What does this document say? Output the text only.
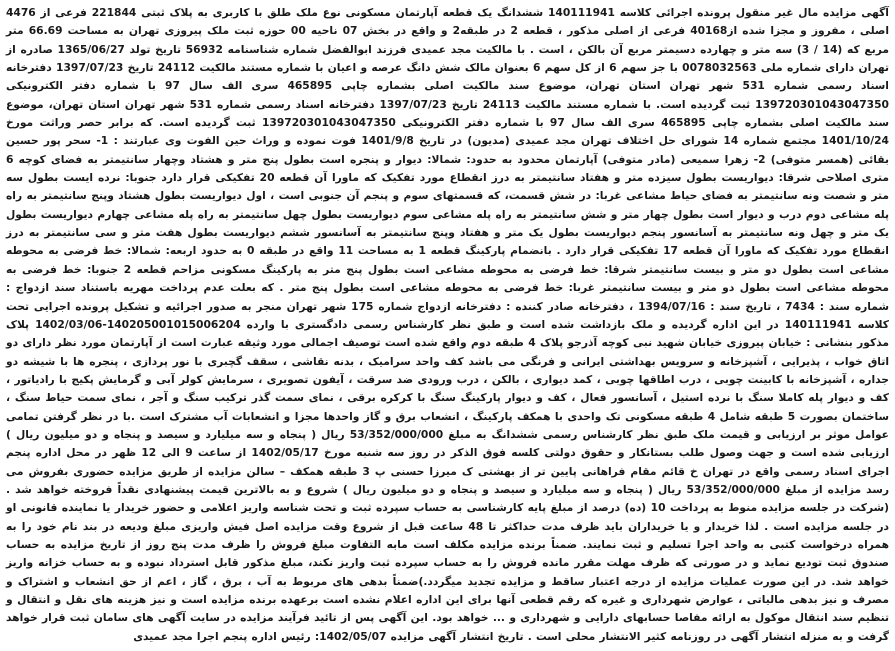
آگهی مزایده مال غیر منقول پرونده اجرائی کلاسه 140111941 ششدانگ یک قطعه آپارتمان مسکونی نوع ملک طلق با کاربری به پلاک ثبتی 221844 فرعی از 4476 اصلی ، مفروز و مجزا شده از40168 فرعی از اصلی مذکور ، قطعه 2 در طبقه2 و واقع در بخش 07 ناحیه 00 حوزه ثبت ملک پیروزی تهران به مساحت 66.69 متر مربع که (14 / 3) سه متر و چهارده دسیمتر مربع آن بالکن ، است . با مالکیت مجد عمیدی فرزند ابوالفضل شماره شناسنامه 56932 تاریخ تولد 1365/06/27 صادره از تهران دارای شماره ملی 0078032563 با جز سهم 6 از کل سهم 6 بعنوان مالک شش دانگ عرصه و اعیان با شماره مستند مالکیت 24112 تاریخ 1397/07/23 دفترخانه اسناد رسمی شماره 531 شهر تهران استان تهران، موضوع سند مالکیت اصلی بشماره چاپی 465895 سری الف سال 97 با شماره دفتر الکترونیکی 139720301043047350 ثبت گردیده است. با شماره مستند مالکیت 24113 تاریخ 1397/07/23 دفترخانه اسناد رسمی شماره 531 شهر تهران استان تهران، موضوع سند مالکیت اصلی بشماره چاپی 465895 سری الف سال 97 با شماره دفتر الکترونیکی 139720301043047350 ثبت گردیده است. که برابر حصر وراثت مورخ 1401/10/24 مجتمع شماره 14 شورای حل اختلاف تهران مجد عمیدی (مدیون) در تاریخ 1401/9/8 فوت نموده و وراث حین الفوت وی عبارتند : 1- سحر پور حسین بقائی (همسر متوفی) 2- زهرا سمیعی (مادر متوفی) آپارتمان محدود به حدود: شمالا: دیوار و پنجره است بطول پنج متر و هشتاد وچهار سانتیمتر به فضای کوچه 6 متری اصلاحی شرقا: دیواریست بطول سیزده متر و هفتاد سانتیمتر به درز انقطاع مورد تفکیک که ماورا آن قطعه 20 تفکیکی قرار دارد جنوبا: نرده ایست بطول سه متر و شصت ونه سانتیمتر به فضای حیاط مشاعی غربا: در شش قسمت، که قسمتهای سوم و پنجم آن جنوبی است ، اول دیواریست بطول هشتاد وپنج سانتیمتر به راه پله مشاعی دوم درب و دیوار است بطول چهار متر و شش سانتیمتر به راه پله مشاعی سوم دیواریست بطول چهل سانتیمتر به راه پله مشاعی چهارم دیواریست بطول یک متر و چهل ونه سانتیمتر به آسانسور پنجم دیواریست بطول یک متر و هفتاد وپنج سانتیمتر به آسانسور ششم دیواریست بطول هفت متر و سی سانتیمتر به درز انقطاع مورد تفکیک که ماورا آن قطعه 17 تفکیکی قرار دارد . بانضمام پارکینگ قطعه 1 به مساحت 11 واقع در طبقه 0 به حدود اربعه: شمالا: خط فرضی به محوطه مشاعی است بطول دو متر و بیست سانتیمتر شرقا: خط فرضی به محوطه مشاعی است بطول پنج متر به پارکینگ مسکونی مزاحم قطعه 2 جنوبا: خط فرضی به محوطه مشاعی است بطول دو متر و بیست سانتیمتر غربا: خط فرضی به محوطه مشاعی است بطول پنج متر . که بعلت عدم پرداخت مهریه باستناد سند ازدواج : شماره سند : 7434 ، تاریخ سند : 1394/07/16 ، دفترخانه صادر کننده : دفترخانه ازدواج شماره 175 شهر تهران منجر به صدور اجرائیه و تشکیل پرونده اجرایی تحت کلاسه 140111941 در این اداره گردیده و ملک بازداشت شده است و طبق نظر کارشناس رسمی دادگستری با وارده 140205001015006204-1402/03/06 پلاک مذکور بنشانی : خیابان پیروزی خیابان شهید نبی کوچه آذرجو پلاک 4 طبقه دوم واقع شده است توصیف اجمالی مورد وثیقه عبارت است از آپارتمان مورد نظر دارای دو اتاق خواب ، پذیرایی ، آشپزخانه و سرویس بهداشتی ایرانی و فرنگی می باشد کف واحد سرامیک ، بدنه نقاشی ، سقف گچبری با نور پردازی ، پنجره ها با شیشه دو جداره ، آشپزخانه با کابینت چوبی ، درب اطاقها چوبی ، کمد دیواری ، بالکن ، درب ورودی ضد سرقت ، آیفون تصویری ، سرمایش کولر آبی و گرمایش پکیج با رادیاتور ، کف و دیوار پله کاملا سنگ با نرده استیل ، آسانسور فعال ، کف و دیوار پارکینگ سنگ با کرکره برقی ، نمای سمت گذر ترکیب سنگ و آجر ، نمای سمت حیاط سنگ ، ساختمان بصورت 5 طبقه شامل 4 طبقه مسکونی تک واحدی با همکف پارکینگ ، انشعاب برق و گاز واحدها مجزا و انشعابات آب مشترک است .با در نظر گرفتن تمامی عوامل موثر بر ارزیابی و قیمت ملک طبق نظر کارشناس رسمی ششدانگ به مبلغ 53/352/000/000 ریال ( پنجاه و سه میلیارد و سیصد و پنجاه و دو میلیون ریال ) ارزیابی شده است و جهت وصول طلب بستانکار و حقوق دولتی کلسه فوق الذکر در روز سه شنبه مورخ 1402/05/17 از ساعت 9 الی 12 ظهر در محل اداره پنجم اجرای اسناد رسمی واقع در تهران خ قائم مقام فراهانی پایین تر از بهشتی ک میرزا حسنی پ 3 طبقه همکف – سالن مزایده از طریق مزایده حضوری بفروش می رسد مزایده از مبلغ 53/352/000/000 ریال ( پنجاه و سه میلیارد و سیصد و پنجاه و دو میلیون ریال ) شروع و به بالاترین قیمت پیشنهادی نقداً فروخته خواهد شد . (شرکت در جلسه مزایده منوط به پرداخت 10 (ده) درصد از مبلغ پایه کارشناسی به حساب سپرده ثبت و تحت شناسه واریز اعلامی و حضور خریدار یا نماینده قانونی او در جلسه مزایده است . لذا خریدار و یا خریداران باید ظرف مدت حداکثر تا 48 ساعت قبل از شروع وقت مزایده اصل فیش واریزی مبلغ ودیعه در بند نام خود را به همراه درخواست کتبی به واحد اجرا تسلیم و ثبت نمایند. ضمناً برنده مزایده مکلف است مابه التفاوت مبلغ فروش را ظرف مدت پنج روز از تاریخ مزایده به حساب صندوق ثبت تودیع نماید و در صورتی که ظرف مهلت مقرر مانده فروش را به حساب سپرده ثبت واریز نکند، مبلغ مذکور قابل استرداد نبوده و به حساب خزانه واریز خواهد شد. در این صورت عملیات مزایده از درجه اعتبار ساقط و مزایده تجدید میگردد.)ضمناً بدهی های مربوط به آب ، برق ، گاز ، اعم از حق انشعاب و اشتراک و مصرف و نیز بدهی مالیاتی ، عوارض شهرداری و غیره که رقم قطعی آنها برای این اداره اعلام نشده است برعهده برنده مزایده است و نیز هزینه های نقل و انتقال و تنظیم سند انتقال موکول به ارائه مفاصا حسابهای دارایی و شهرداری و ... خواهد بود. این آگهی پس از تائید فرآیند مزایده در سایت آگهی های سامان ثبت قرار خواهد گرفت و به منزله انتشار آگهی در روزنامه کثیر الانتشار محلی است . تاریخ انتشار آگهی مزایده 1402/05/07: رئیس اداره پنجم اجرا مجد عمیدی
